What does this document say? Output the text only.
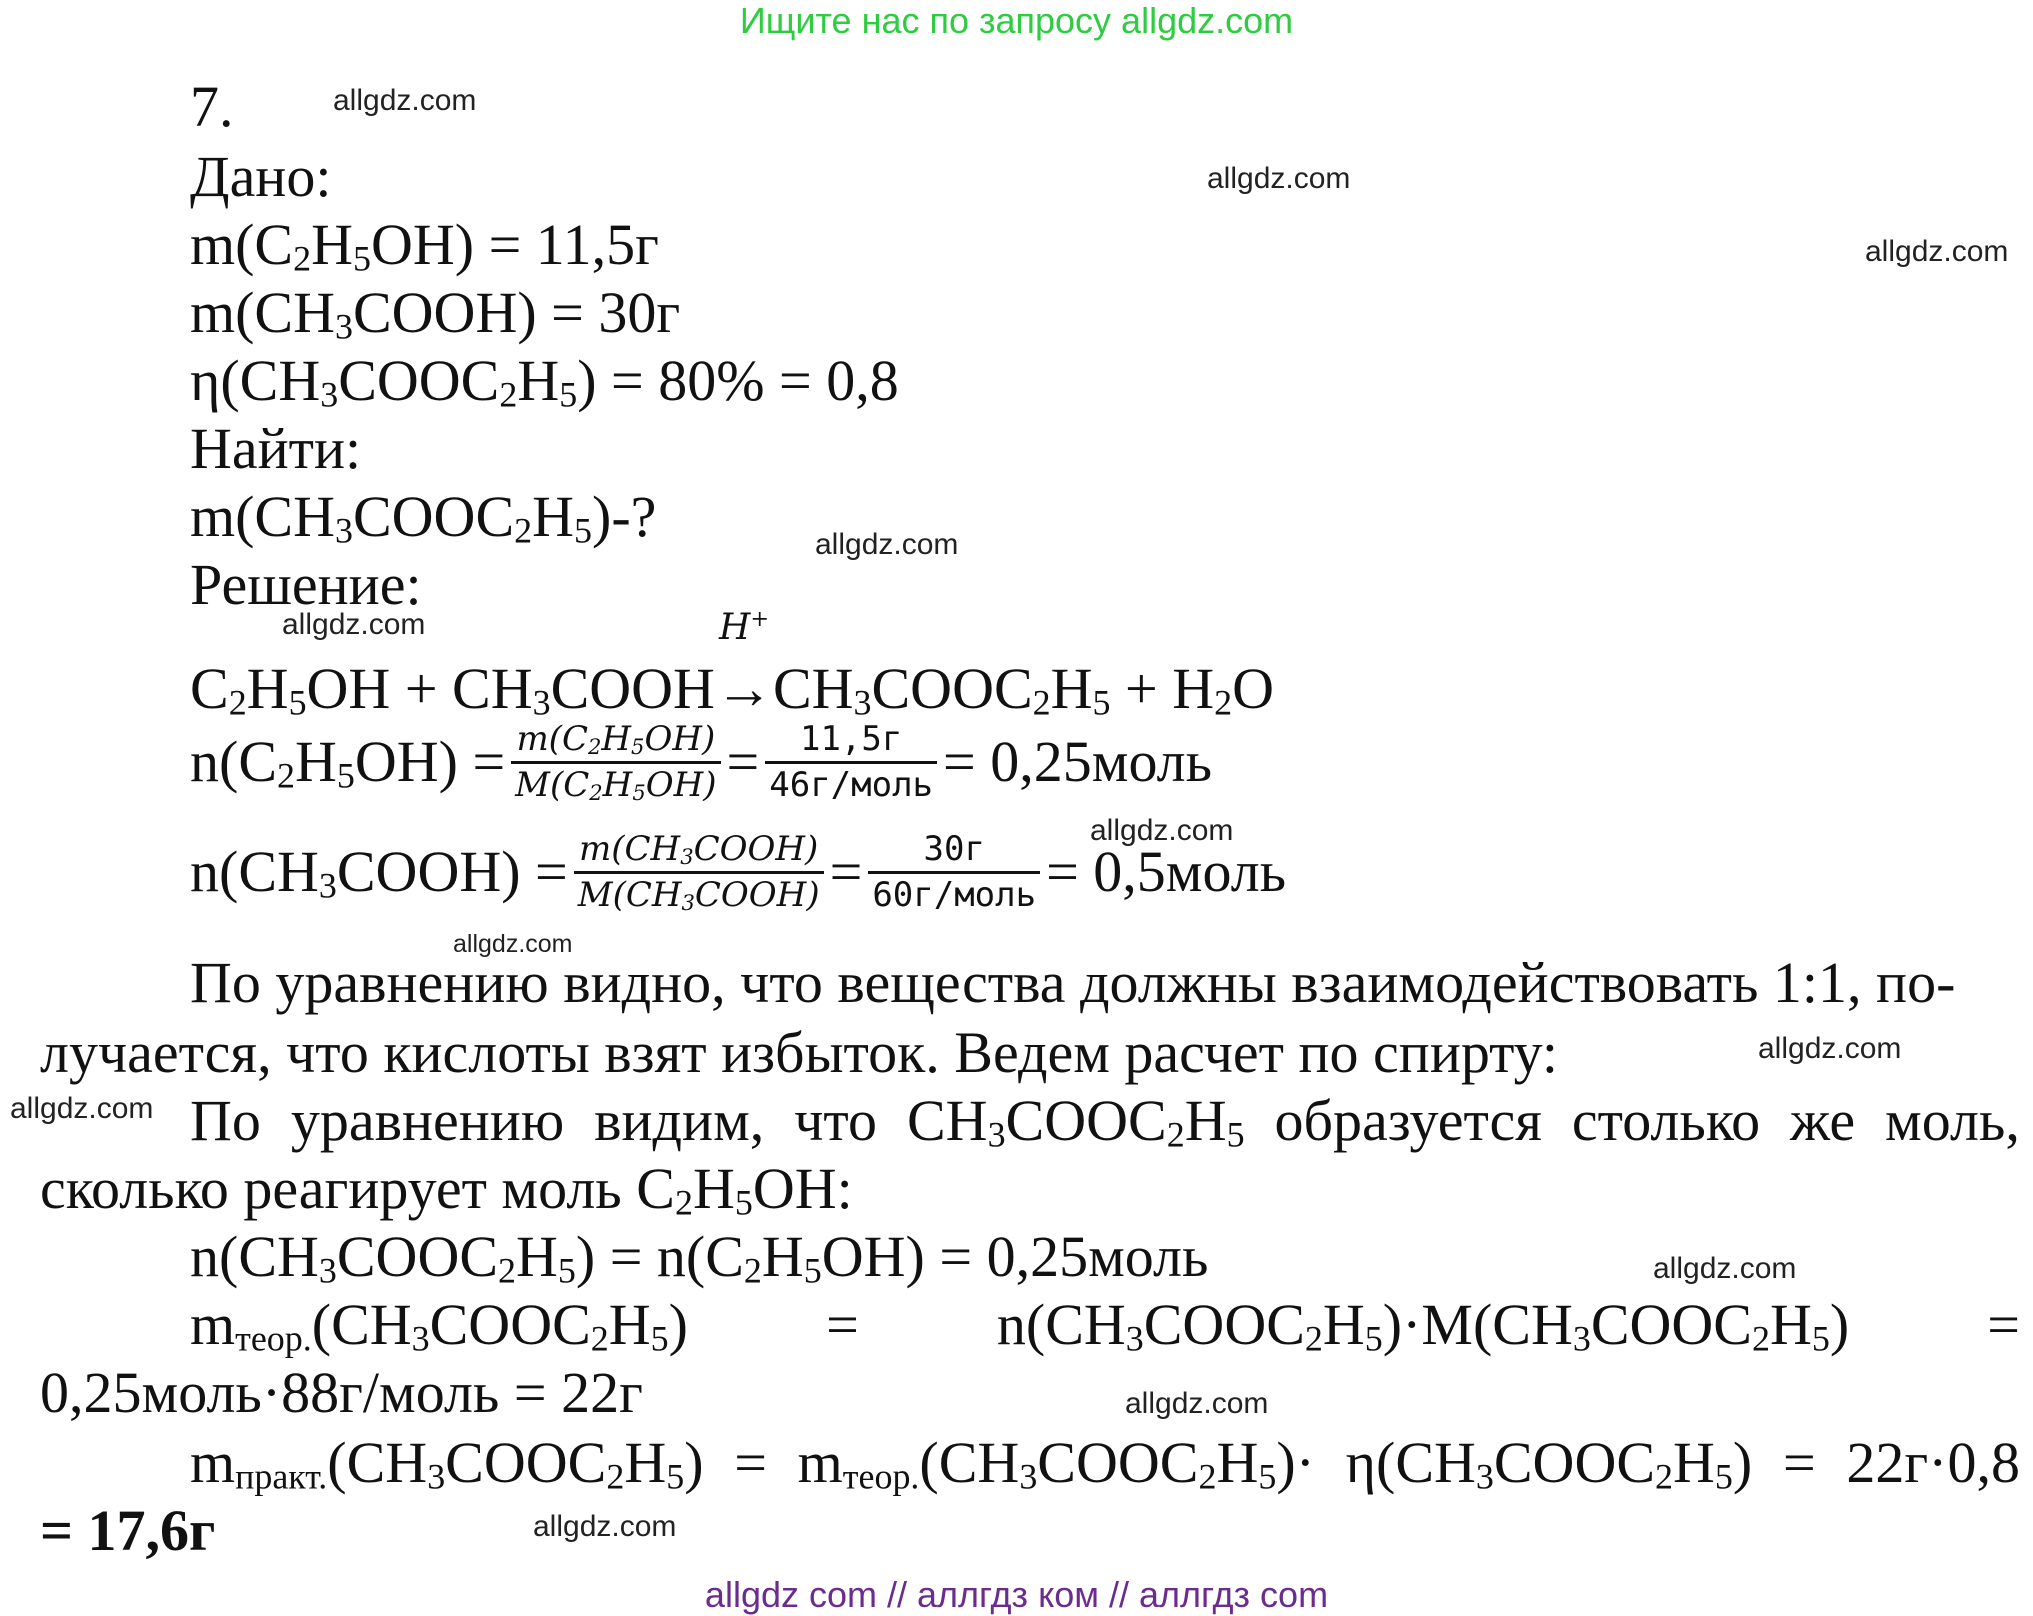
Ищите нас по запросу allgdz.com
allgdz.com
allgdz.com
allgdz.com
allgdz.com
allgdz.com
allgdz.com
allgdz.com
allgdz.com
allgdz.com
allgdz.com
allgdz.com
allgdz.com
7.
Дано:
$m(C_2H_5OH) = 11,5г$
$m(CH_3COOH) = 30г$
$\eta(CH_3COOC_2H_5) = 80\% = 0,8$
Найти:
$m(CH_3COOC_2H_5)-$?
Решение:
$C_2H_5OH$ + $CH_3COOH$
H+
$\to CH_3COOC_2H_5 + H_2O$
$n(C_2H_5OH) = \frac{m(C_2H_5OH)}{M(C_2H_5OH)} = \frac{11,5г}{\text{46г/моль}}$ = 0,25моль
$n(CH_3COOH) = \frac{m(CH_3COOH)}{M(CH_3COOH)} = \frac{30г}{\text{60г/моль}}$ = 0,5моль
По уравнению видно, что вещества должны взаимодействовать 1:1, по-
лучается, что кислоты взят избыток. Ведем расчет по спирту:
По уравнению видим, что $CH_3COOC_2H_5$ образуется столько же моль,
сколько реагирует моль $C_2H_5OH$:
$n(CH_3COOC_2H_5) = n(C_2H_5OH)$ = 0,25моль
$m_{теор.}(CH_3COOC_2H_5)$ = $n(CH_3COOC_2H_5)\cdot M(CH_3COOC_2H_5)$ =
0,25моль·88г/моль = 22г
$m_{практ.}(CH_3COOC_2H_5)$ = $m_{теор.}(CH_3COOC_2H_5)\cdot$ $\eta(CH_3COOC_2H_5) = 22г\cdot 0,8$
= 17,6г
allgdz com // аллгдз ком // аллгдз com
